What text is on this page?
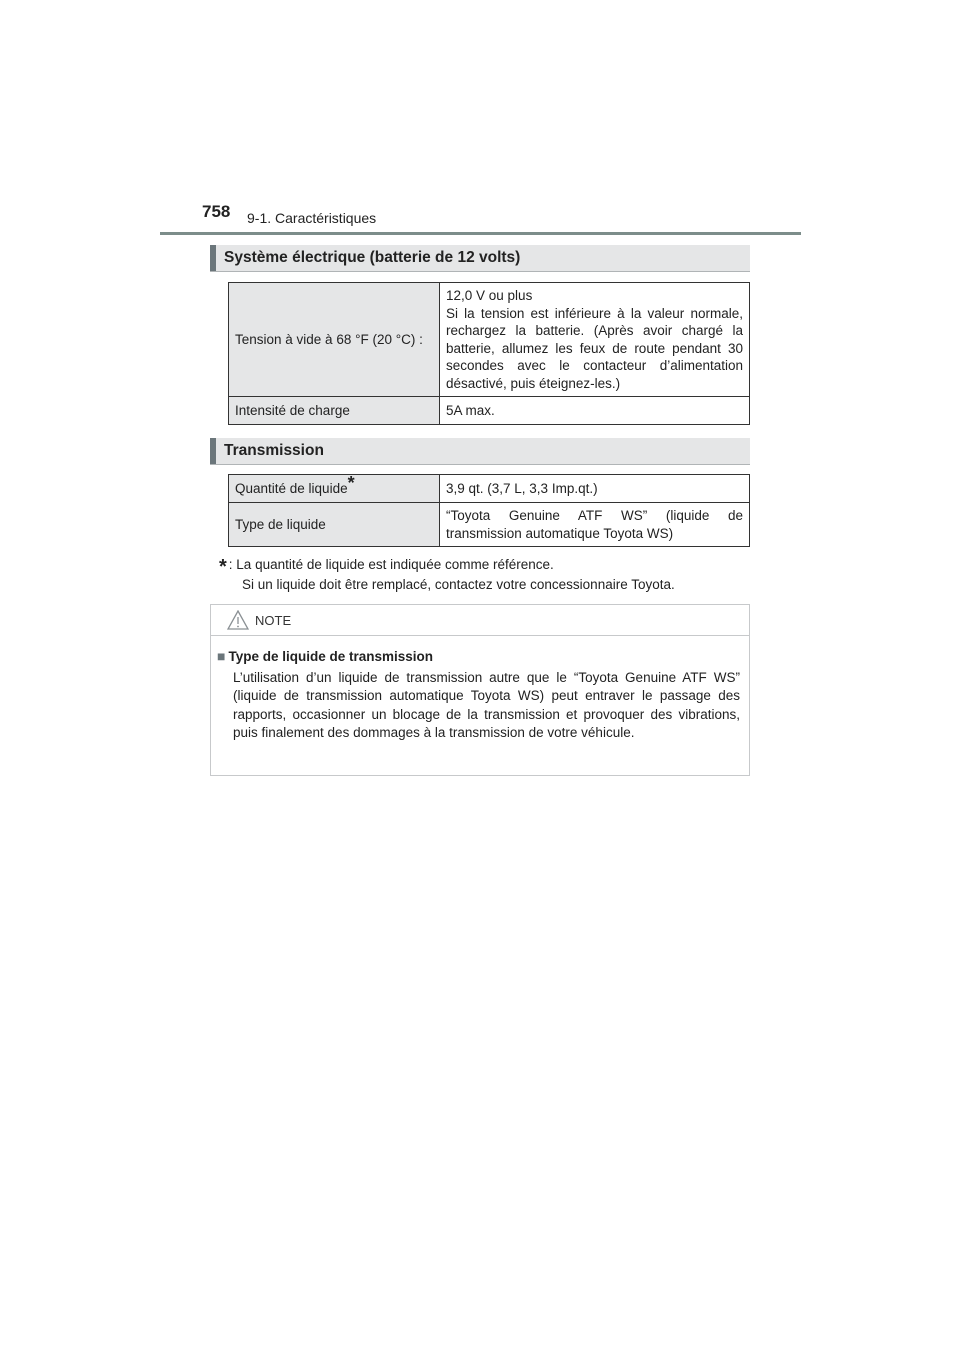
758 9-1. Caractéristiques
Système électrique (batterie de 12 volts)
Tension à vide à 68 °F (20 °C) :	12,0 V ou plus
Si la tension est inférieure à la valeur normale, rechargez la batterie. (Après avoir chargé la batterie, allumez les feux de route pendant 30 secondes avec le contacteur d’alimentation désactivé, puis éteignez-les.)

Intensité de charge	5A max.
Transmission
Quantité de liquide*	3,9 qt. (3,7 L, 3,3 Imp.qt.)
Type de liquide	“Toyota Genuine ATF WS” (liquide de transmission automatique Toyota WS)
* : La quantité de liquide est indiquée comme référence.
Si un liquide doit être remplacé, contactez votre concessionnaire Toyota.
NOTE
■ Type de liquide de transmission
L’utilisation d’un liquide de transmission autre que le “Toyota Genuine ATF WS” (liquide de transmission automatique Toyota WS) peut entraver le passage des rapports, occasionner un blocage de la transmission et provoquer des vibrations, puis finalement des dommages à la transmission de votre véhicule.
